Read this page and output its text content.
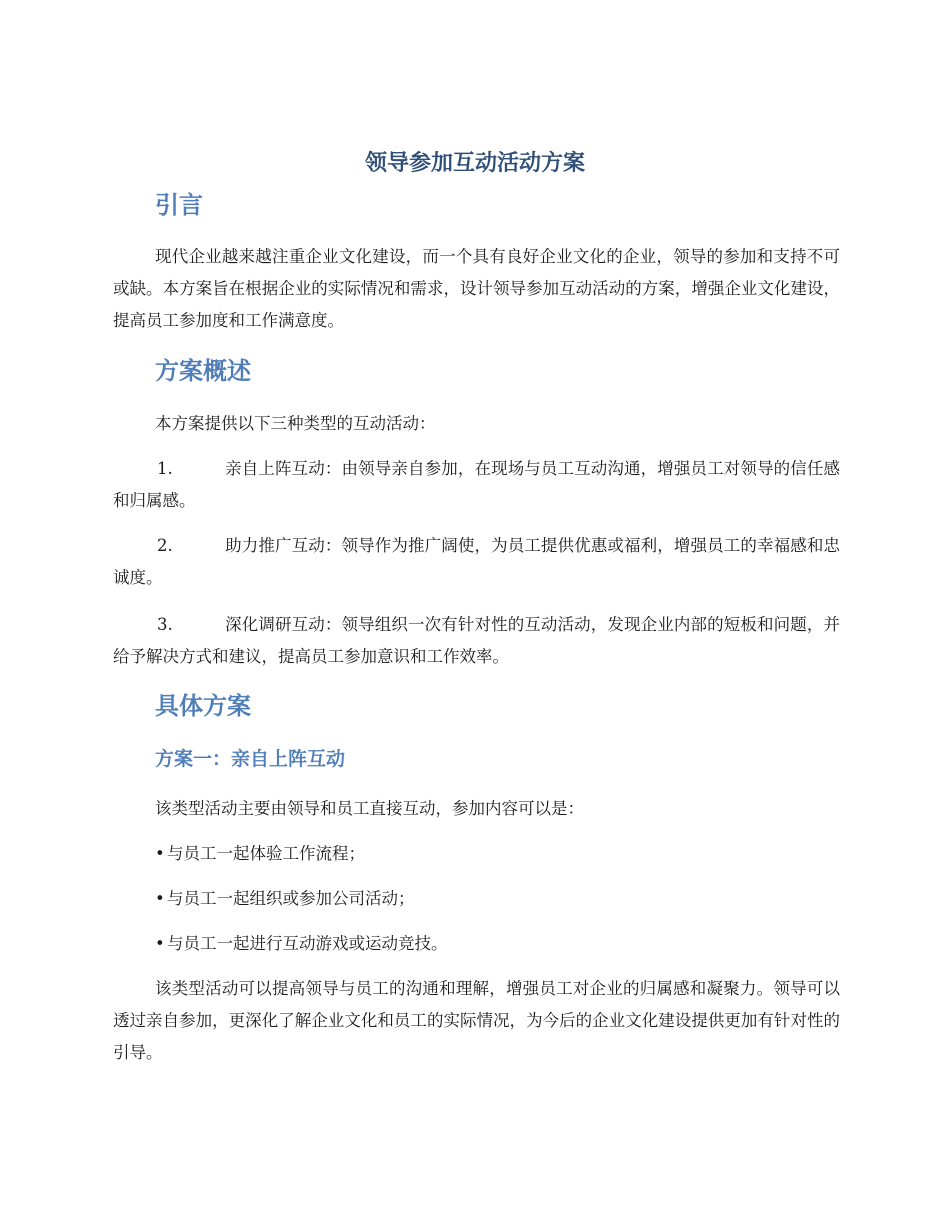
领导参加互动活动方案
引言

现代企业越来越注重企业文化建设，而一个具有良好企业文化的企业，领导的参加和支持不可或缺。本方案旨在根据企业的实际情况和需求，设计领导参加互动活动的方案，增强企业文化建设，提高员工参加度和工作满意度。

方案概述

本方案提供以下三种类型的互动活动：

1.	亲自上阵互动：由领导亲自参加，在现场与员工互动沟通，增强员工对领导的信任感和归属感。

2.	助力推广互动：领导作为推广阔使，为员工提供优惠或福利，增强员工的幸福感和忠诚度。

3.	深化调研互动：领导组织一次有针对性的互动活动，发现企业内部的短板和问题，并给予解决方式和建议，提高员工参加意识和工作效率。

具体方案
方案一：亲自上阵互动

该类型活动主要由领导和员工直接互动，参加内容可以是：

• 与员工一起体验工作流程；

• 与员工一起组织或参加公司活动；

• 与员工一起进行互动游戏或运动竞技。

该类型活动可以提高领导与员工的沟通和理解，增强员工对企业的归属感和凝聚力。领导可以透过亲自参加，更深化了解企业文化和员工的实际情况，为今后的企业文化建设提供更加有针对性的引导。
